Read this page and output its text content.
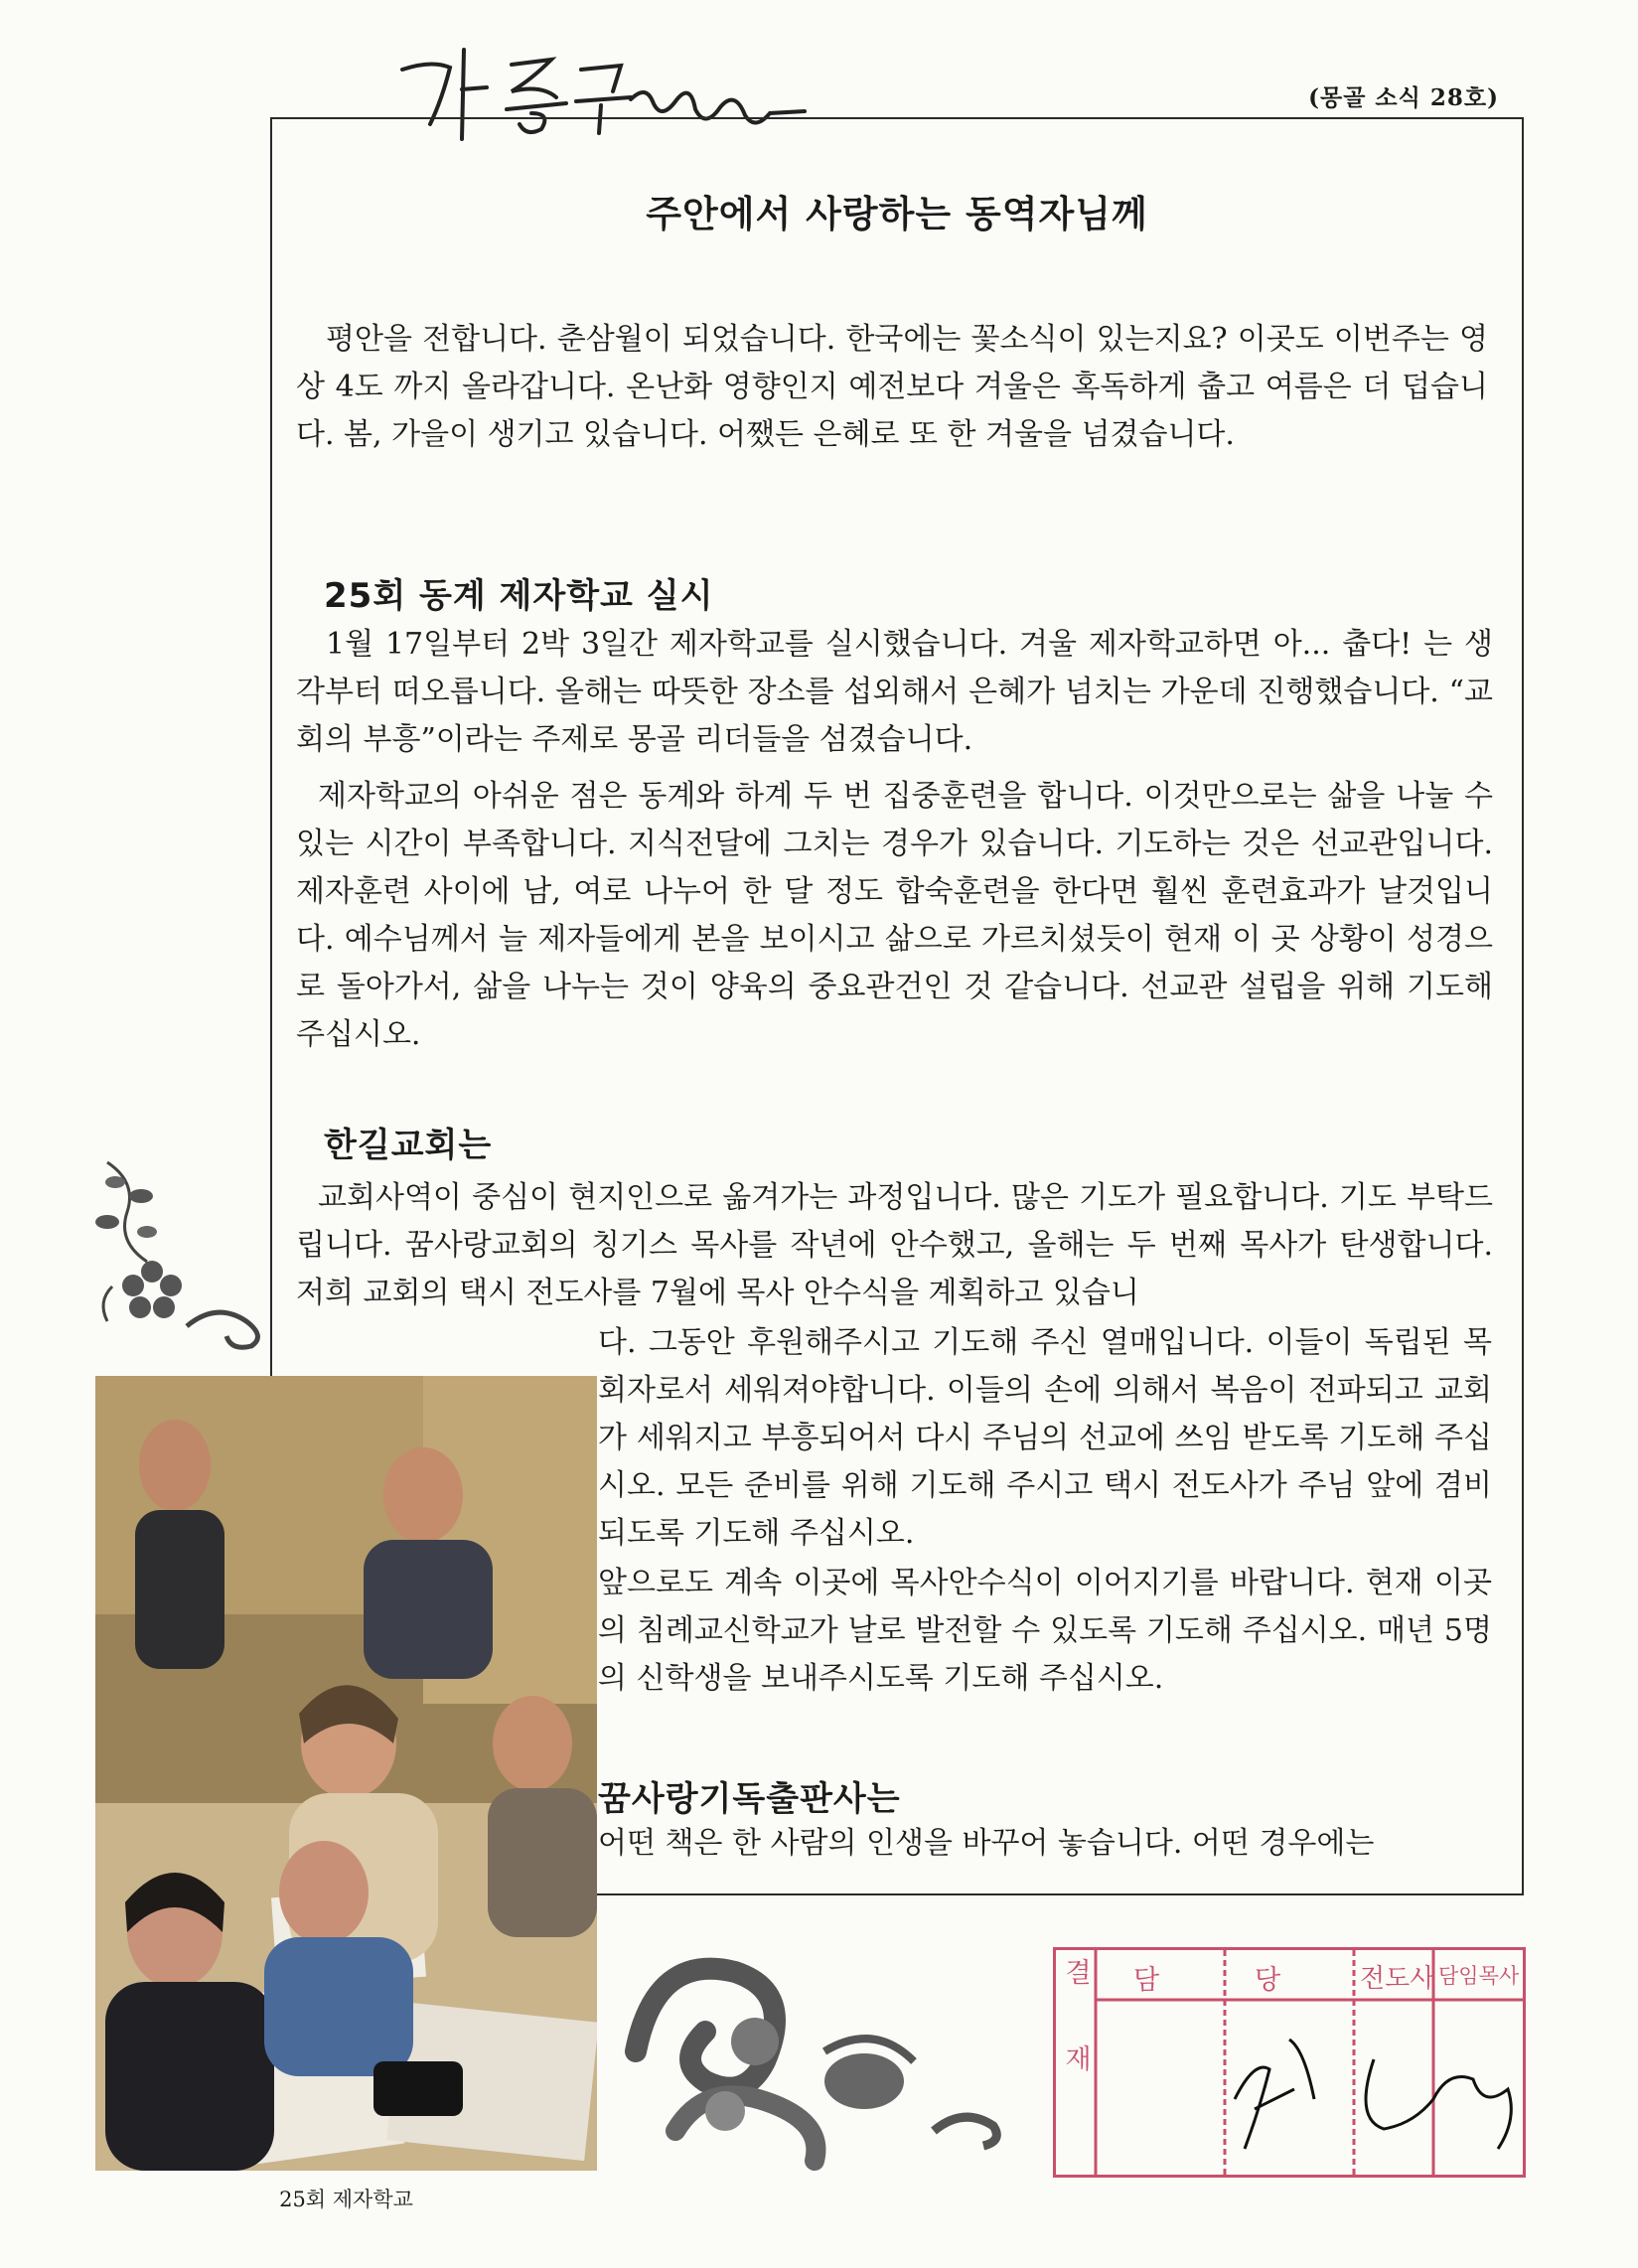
(몽골 소식 28호)
주안에서 사랑하는 동역자님께

평안을 전합니다. 춘삼월이 되었습니다. 한국에는 꽃소식이 있는지요? 이곳도 이번주는 영상 4도 까지 올라갑니다. 온난화 영향인지 예전보다 겨울은 혹독하게 춥고 여름은 더 덥습니다. 봄, 가을이 생기고 있습니다. 어쨌든 은혜로 또 한 겨울을 넘겼습니다.

25회 동계 제자학교 실시

1월 17일부터 2박 3일간 제자학교를 실시했습니다. 겨울 제자학교하면 아... 춥다! 는 생각부터 떠오릅니다. 올해는 따뜻한 장소를 섭외해서 은혜가 넘치는 가운데 진행했습니다. “교회의 부흥”이라는 주제로 몽골 리더들을 섬겼습니다.

제자학교의 아쉬운 점은 동계와 하계 두 번 집중훈련을 합니다. 이것만으로는 삶을 나눌 수 있는 시간이 부족합니다. 지식전달에 그치는 경우가 있습니다. 기도하는 것은 선교관입니다. 제자훈련 사이에 남, 여로 나누어 한 달 정도 합숙훈련을 한다면 훨씬 훈련효과가 날것입니다. 예수님께서 늘 제자들에게 본을 보이시고 삶으로 가르치셨듯이 현재 이 곳 상황이 성경으로 돌아가서, 삶을 나누는 것이 양육의 중요관건인 것 같습니다. 선교관 설립을 위해 기도해 주십시오.

한길교회는

교회사역이 중심이 현지인으로 옮겨가는 과정입니다. 많은 기도가 필요합니다. 기도 부탁드립니다. 꿈사랑교회의 칭기스 목사를 작년에 안수했고, 올해는 두 번째 목사가 탄생합니다. 저희 교회의 택시 전도사를 7월에 목사 안수식을 계획하고 있습니

다. 그동안 후원해주시고 기도해 주신 열매입니다. 이들이 독립된 목회자로서 세워져야합니다. 이들의 손에 의해서 복음이 전파되고 교회가 세워지고 부흥되어서 다시 주님의 선교에 쓰임 받도록 기도해 주십시오. 모든 준비를 위해 기도해 주시고 택시 전도사가 주님 앞에 겸비되도록 기도해 주십시오.

앞으로도 계속 이곳에 목사안수식이 이어지기를 바랍니다. 현재 이곳의 침례교신학교가 날로 발전할 수 있도록 기도해 주십시오. 매년 5명의 신학생을 보내주시도록 기도해 주십시오.

꿈사랑기독출판사는

어떤 책은 한 사람의 인생을 바꾸어 놓습니다. 어떤 경우에는

25회 제자학교

결재 담	당	전도사 담임목사
